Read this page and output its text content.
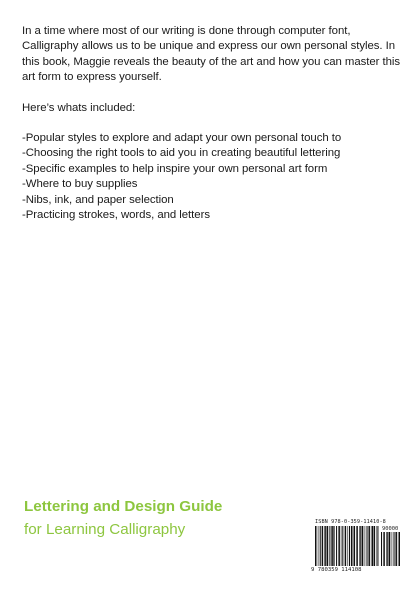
In a time where most of our writing is done through computer font, Calligraphy allows us to be unique and express our own personal styles. In this book, Maggie reveals the beauty of the art and how you can master this art form to express yourself.

Here’s whats included:

-Popular styles to explore and adapt your own personal touch to
-Choosing the right tools to aid you in creating beautiful lettering
-Specific examples to help inspire your own personal art form
-Where to buy supplies
-Nibs, ink, and paper selection
-Practicing strokes, words, and letters
Lettering and Design Guide
for Learning Calligraphy	ISBN 978-0-359-11410-8
90000
9 780359 114108
